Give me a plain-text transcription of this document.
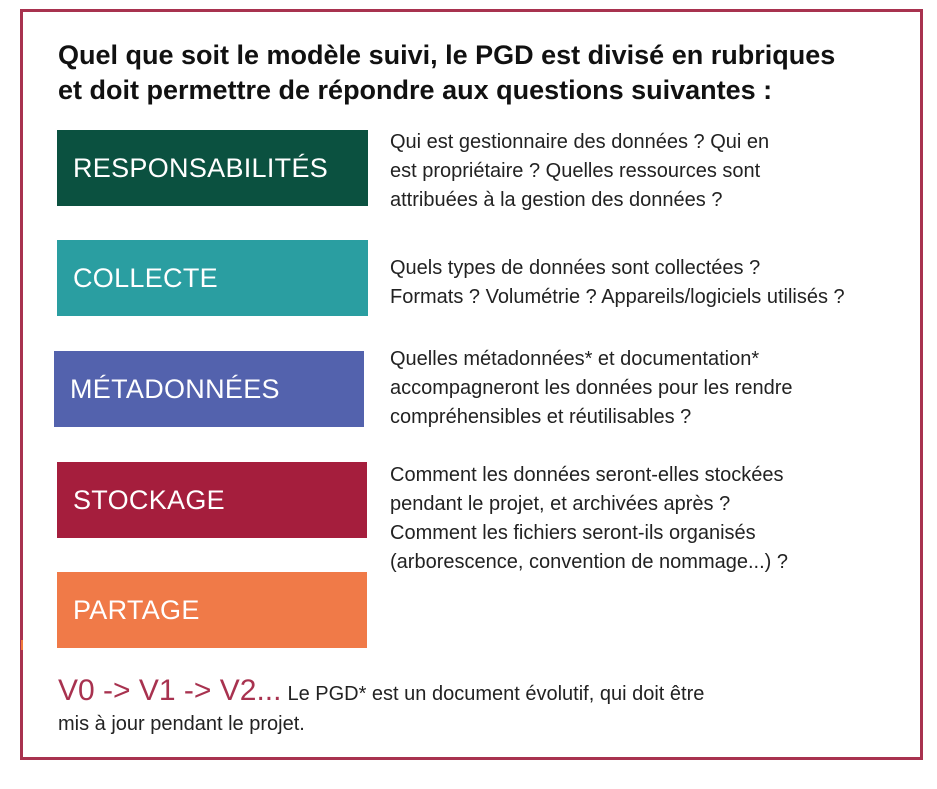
Quel que soit le modèle suivi, le PGD est divisé en rubriques
et doit permettre de répondre aux questions suivantes :
RESPONSABILITÉS
Qui est gestionnaire des données ? Qui en
est propriétaire ? Quelles ressources sont
attribuées à la gestion des données ?
COLLECTE	Quels types de données sont collectées ?
Formats ? Volumétrie ? Appareils/logiciels utilisés ?
MÉTADONNÉES
Quelles métadonnées* et documentation*
accompagneront les données pour les rendre
compréhensibles et réutilisables ?
STOCKAGE
Comment les données seront-elles stockées
pendant le projet, et archivées après ?
Comment les fichiers seront-ils organisés
(arborescence, convention de nommage...) ?
PARTAGE
V0 -> V1 -> V2... Le PGD* est un document évolutif, qui doit être
mis à jour pendant le projet.
